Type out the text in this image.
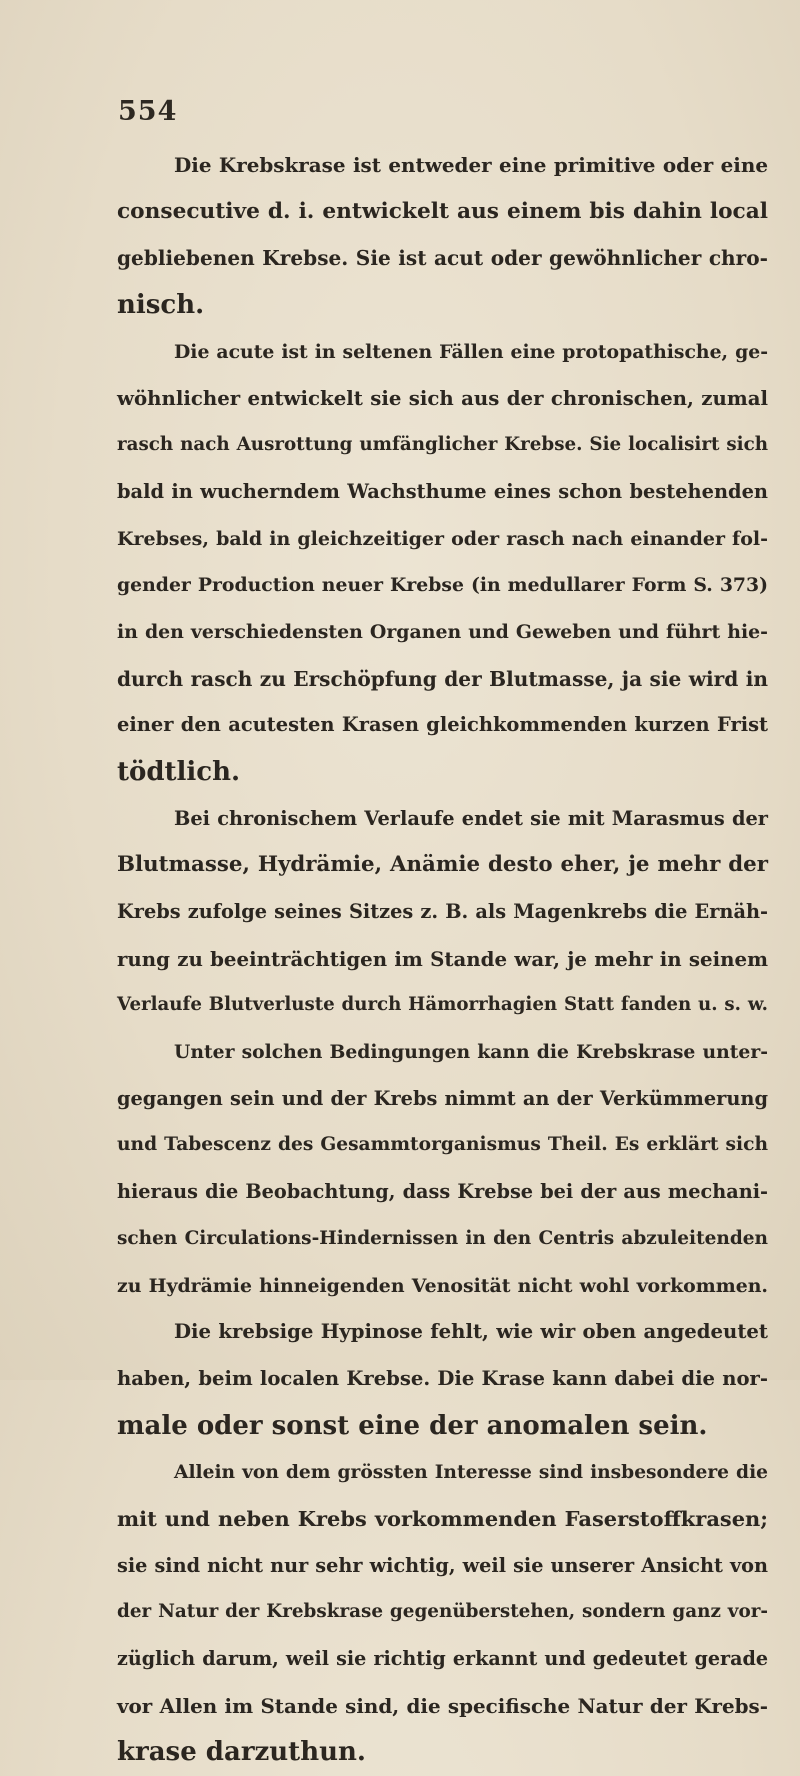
554
Die Krebskrase ist entweder eine primitive oder eine
consecutive d. i. entwickelt aus einem bis dahin local
gebliebenen Krebse. Sie ist acut oder gewöhnlicher chro-
nisch.
Die acute ist in seltenen Fällen eine protopathische, ge-
wöhnlicher entwickelt sie sich aus der chronischen, zumal
rasch nach Ausrottung umfänglicher Krebse. Sie localisirt sich
bald in wucherndem Wachsthume eines schon bestehenden
Krebses, bald in gleichzeitiger oder rasch nach einander fol-
gender Production neuer Krebse (in medullarer Form S. 373)
in den verschiedensten Organen und Geweben und führt hie-
durch rasch zu Erschöpfung der Blutmasse, ja sie wird in
einer den acutesten Krasen gleichkommenden kurzen Frist
tödtlich.
Bei chronischem Verlaufe endet sie mit Marasmus der
Blutmasse, Hydrämie, Anämie desto eher, je mehr der
Krebs zufolge seines Sitzes z. B. als Magenkrebs die Ernäh-
rung zu beeinträchtigen im Stande war, je mehr in seinem
Verlaufe Blutverluste durch Hämorrhagien Statt fanden u. s. w.
Unter solchen Bedingungen kann die Krebskrase unter-
gegangen sein und der Krebs nimmt an der Verkümmerung
und Tabescenz des Gesammtorganismus Theil. Es erklärt sich
hieraus die Beobachtung, dass Krebse bei der aus mechani-
schen Circulations-Hindernissen in den Centris abzuleitenden
zu Hydrämie hinneigenden Venosität nicht wohl vorkommen.
Die krebsige Hypinose fehlt, wie wir oben angedeutet
haben, beim localen Krebse. Die Krase kann dabei die nor-
male oder sonst eine der anomalen sein.
Allein von dem grössten Interesse sind insbesondere die
mit und neben Krebs vorkommenden Faserstoffkrasen;
sie sind nicht nur sehr wichtig, weil sie unserer Ansicht von
der Natur der Krebskrase gegenüberstehen, sondern ganz vor-
züglich darum, weil sie richtig erkannt und gedeutet gerade
vor Allen im Stande sind, die specifische Natur der Krebs-
krase darzuthun.
